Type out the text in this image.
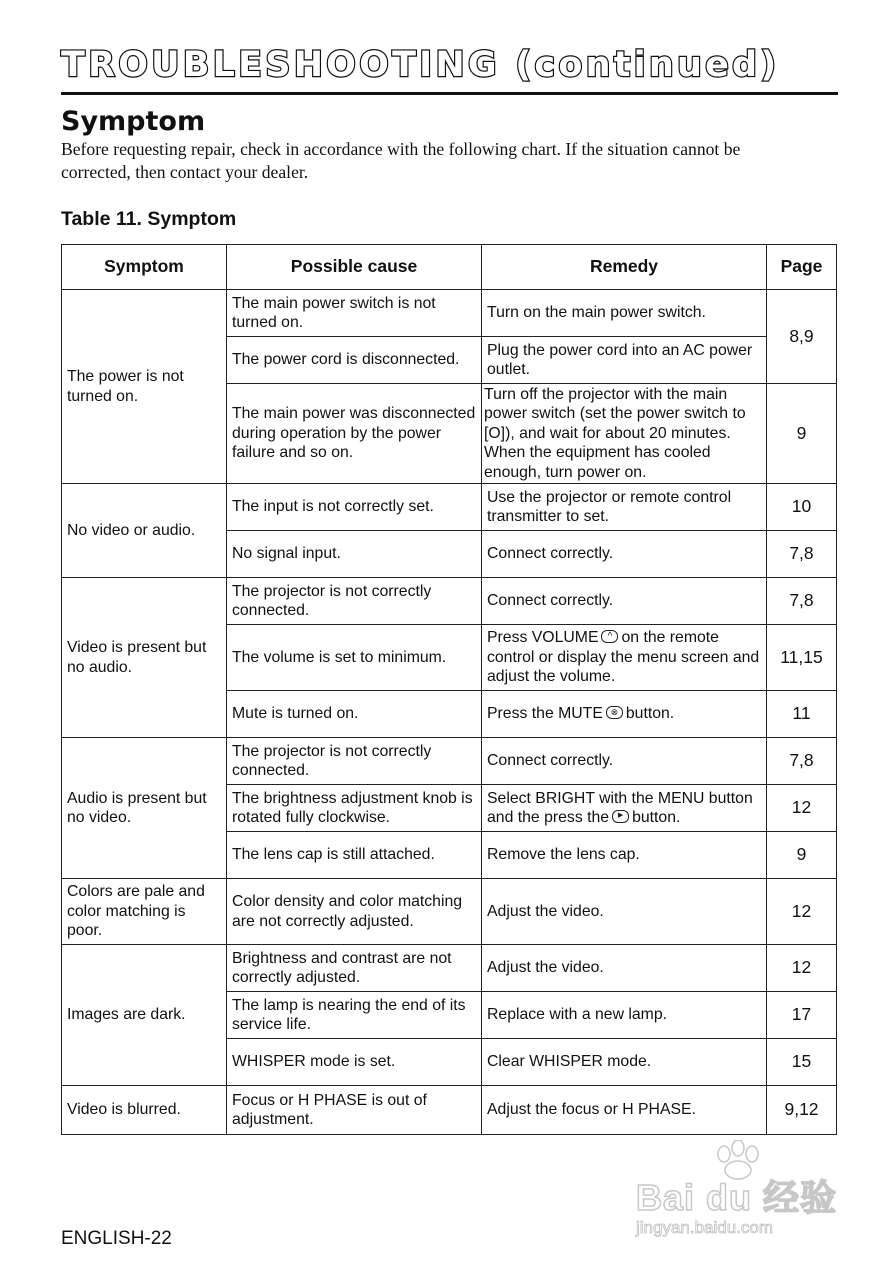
TROUBLESHOOTING (continued)
Symptom
Before requesting repair, check in accordance with the following chart. If the situation cannot be
corrected, then contact your dealer.
Table 11. Symptom
Symptom	Possible cause	Remedy	Page
The power is not turned on.	The main power switch is not turned on.	Turn on the main power switch.	8,9
	The power cord is disconnected.	Plug the power cord into an AC power outlet.	
	The main power was disconnected during operation by the power failure and so on.	Turn off the projector with the main power switch (set the power switch to [O]), and wait for about 20 minutes. When the equipment has cooled enough, turn power on.	9
No video or audio.	The input is not correctly set.	Use the projector or remote control transmitter to set.	10
	No signal input.	Connect correctly.	7,8
Video is present but no audio.	The projector is not correctly connected.	Connect correctly.	7,8
	The volume is set to minimum.	Press VOLUME ^ on the remote control or display the menu screen and adjust the volume.	11,15
	Mute is turned on.	Press the MUTE ⊗ button.	11
Audio is present but no video.	The projector is not correctly connected.	Connect correctly.	7,8
	The brightness adjustment knob is rotated fully clockwise.	Select BRIGHT with the MENU button and the press the ▶ button.	12
	The lens cap is still attached.	Remove the lens cap.	9
Colors are pale and color matching is poor.	Color density and color matching are not correctly adjusted.	Adjust the video.	12
Images are dark.	Brightness and contrast are not correctly adjusted.	Adjust the video.	12
	The lamp is nearing the end of its service life.	Replace with a new lamp.	17
	WHISPER mode is set.	Clear WHISPER mode.	15
Video is blurred.	Focus or H PHASE is out of adjustment.	Adjust the focus or H PHASE.	9,12
ENGLISH-22
Bai du 经验
jingyan.baidu.com
